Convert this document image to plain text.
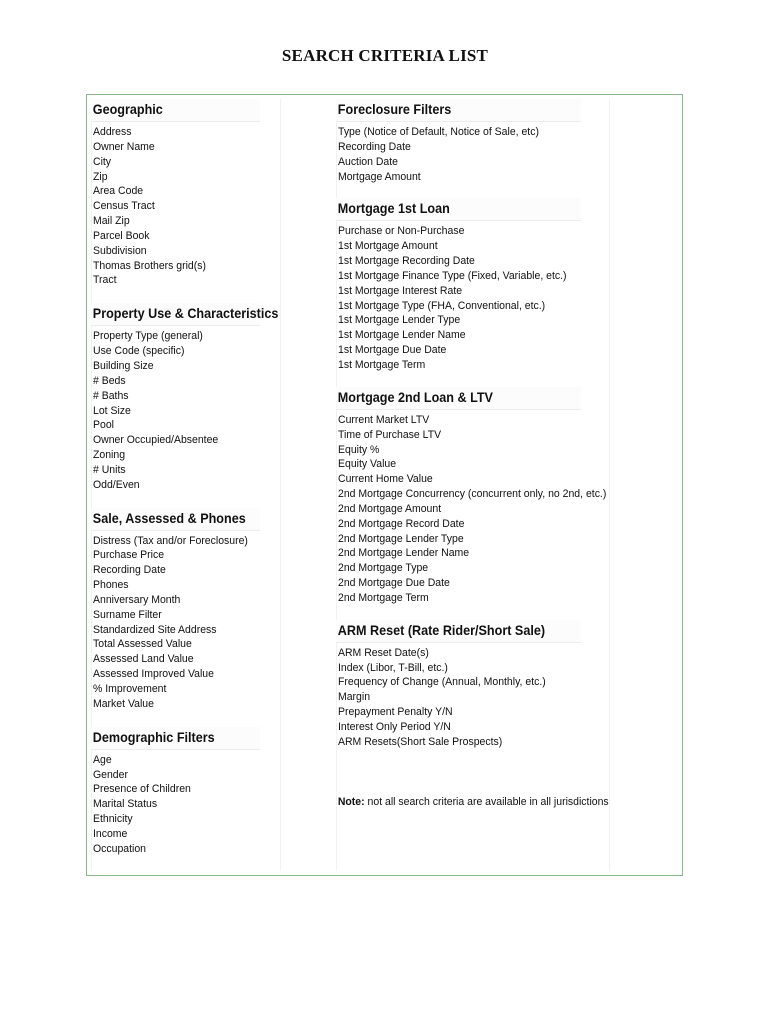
SEARCH CRITERIA LIST
Geographic
Address
Owner Name
City
Zip
Area Code
Census Tract
Mail Zip
Parcel Book
Subdivision
Thomas Brothers grid(s)
Tract
Property Use & Characteristics
Property Type (general)
Use Code (specific)
Building Size
# Beds
# Baths
Lot Size
Pool
Owner Occupied/Absentee
Zoning
# Units
Odd/Even
Sale, Assessed & Phones
Distress (Tax and/or Foreclosure)
Purchase Price
Recording Date
Phones
Anniversary Month
Surname Filter
Standardized Site Address
Total Assessed Value
Assessed Land Value
Assessed Improved Value
% Improvement
Market Value
Demographic Filters
Age
Gender
Presence of Children
Marital Status
Ethnicity
Income
Occupation
Foreclosure Filters
Type (Notice of Default, Notice of Sale, etc)
Recording Date
Auction Date
Mortgage Amount
Mortgage 1st Loan
Purchase or Non-Purchase
1st Mortgage Amount
1st Mortgage Recording Date
1st Mortgage Finance Type (Fixed, Variable, etc.)
1st Mortgage Interest Rate
1st Mortgage Type (FHA, Conventional, etc.)
1st Mortgage Lender Type
1st Mortgage Lender Name
1st Mortgage Due Date
1st Mortgage Term
Mortgage 2nd Loan & LTV
Current Market LTV
Time of Purchase LTV
Equity %
Equity Value
Current Home Value
2nd Mortgage Concurrency (concurrent only, no 2nd, etc.)
2nd Mortgage Amount
2nd Mortgage Record Date
2nd Mortgage Lender Type
2nd Mortgage Lender Name
2nd Mortgage Type
2nd Mortgage Due Date
2nd Mortgage Term
ARM Reset (Rate Rider/Short Sale)
ARM Reset Date(s)
Index (Libor, T-Bill, etc.)
Frequency of Change (Annual, Monthly, etc.)
Margin
Prepayment Penalty Y/N
Interest Only Period Y/N
ARM Resets(Short Sale Prospects)

Note: not all search criteria are available in all jurisdictions
